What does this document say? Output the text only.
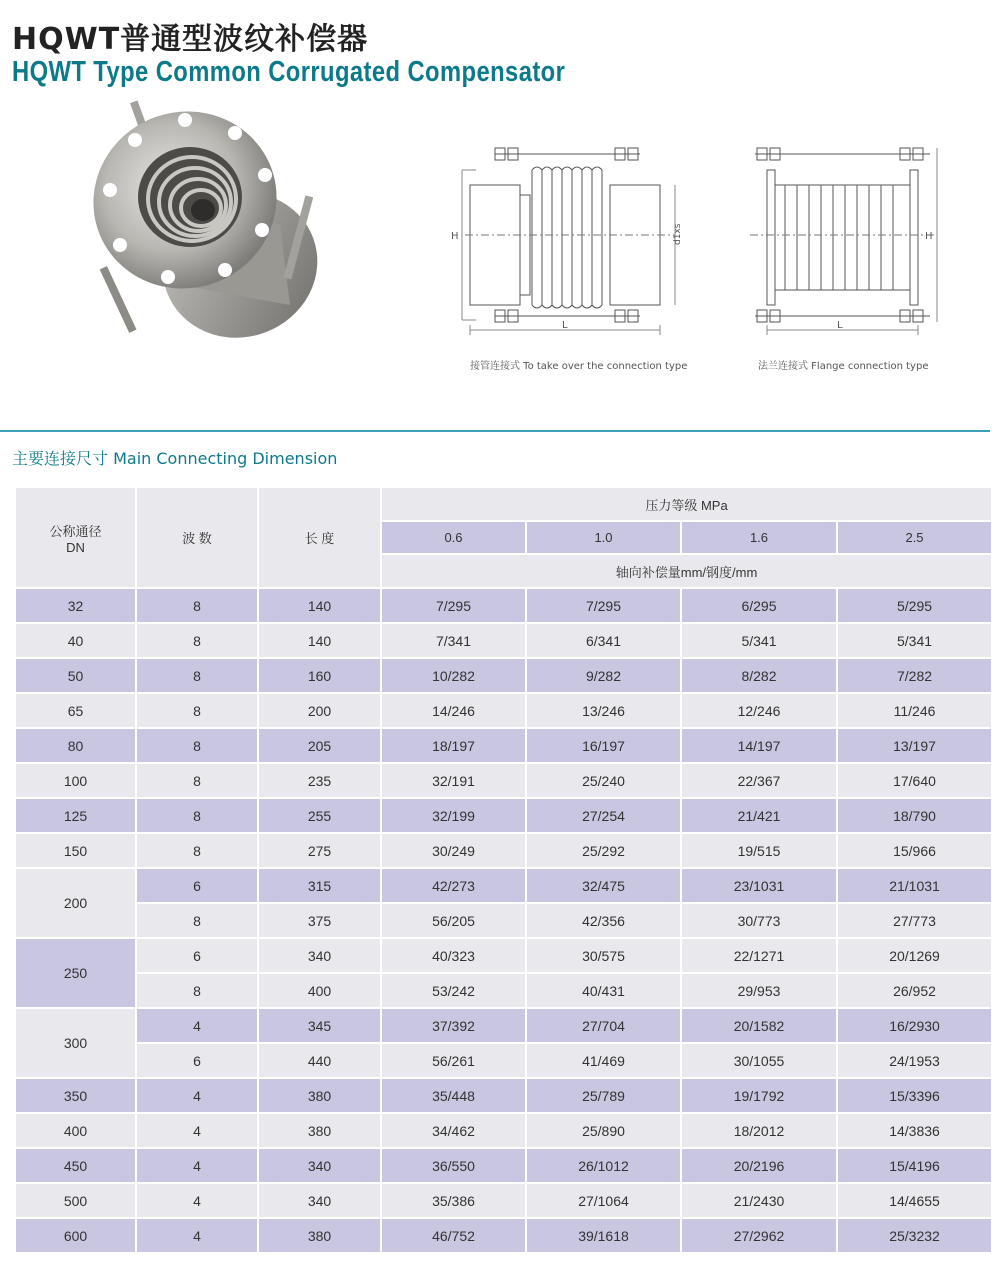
HQWT普通型波纹补偿器
HQWT Type Common Corrugated Compensator
H
L
d1xs
接管连接式 To take over the connection type
H
L
法兰连接式 Flange connection type
主要连接尺寸 Main Connecting Dimension
公称通径
DN	波 数	长 度	压力等级 MPa			
			0.6	1.0	1.6	2.5
			轴向补偿量mm/钢度/mm			
32	8	140	7/295	7/295	6/295	5/295
40	8	140	7/341	6/341	5/341	5/341
50	8	160	10/282	9/282	8/282	7/282
65	8	200	14/246	13/246	12/246	11/246
80	8	205	18/197	16/197	14/197	13/197
100	8	235	32/191	25/240	22/367	17/640
125	8	255	32/199	27/254	21/421	18/790
150	8	275	30/249	25/292	19/515	15/966
200	6	315	42/273	32/475	23/1031	21/1031
	8	375	56/205	42/356	30/773	27/773
250	6	340	40/323	30/575	22/1271	20/1269
	8	400	53/242	40/431	29/953	26/952
300	4	345	37/392	27/704	20/1582	16/2930
	6	440	56/261	41/469	30/1055	24/1953
350	4	380	35/448	25/789	19/1792	15/3396
400	4	380	34/462	25/890	18/2012	14/3836
450	4	340	36/550	26/1012	20/2196	15/4196
500	4	340	35/386	27/1064	21/2430	14/4655
600	4	380	46/752	39/1618	27/2962	25/3232
